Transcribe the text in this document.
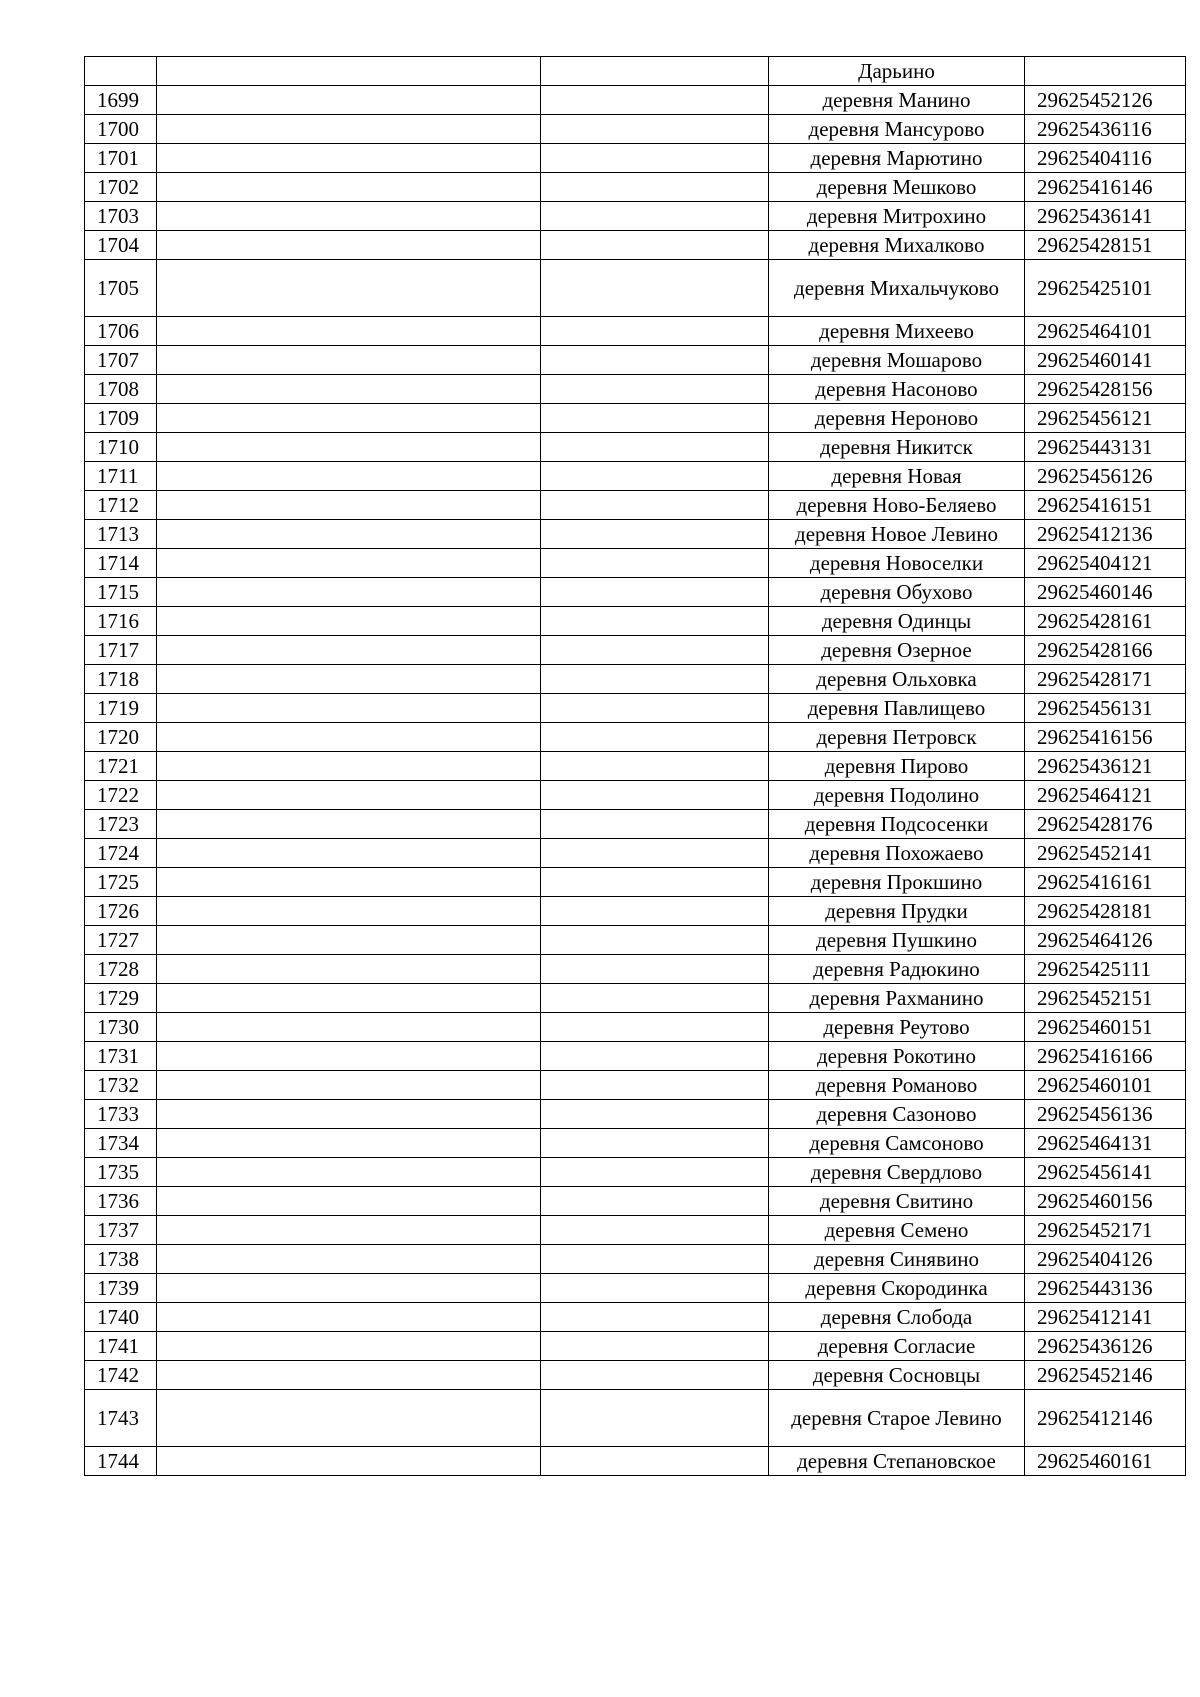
			Дарьино	
1699			деревня Манино	29625452126
1700			деревня Мансурово	29625436116
1701			деревня Марютино	29625404116
1702			деревня Мешково	29625416146
1703			деревня Митрохино	29625436141
1704			деревня Михалково	29625428151
1705			деревня Михальчуково	29625425101
1706			деревня Михеево	29625464101
1707			деревня Мошарово	29625460141
1708			деревня Насоново	29625428156
1709			деревня Нероново	29625456121
1710			деревня Никитск	29625443131
1711			деревня Новая	29625456126
1712			деревня Ново-Беляево	29625416151
1713			деревня Новое Левино	29625412136
1714			деревня Новоселки	29625404121
1715			деревня Обухово	29625460146
1716			деревня Одинцы	29625428161
1717			деревня Озерное	29625428166
1718			деревня Ольховка	29625428171
1719			деревня Павлищево	29625456131
1720			деревня Петровск	29625416156
1721			деревня Пирово	29625436121
1722			деревня Подолино	29625464121
1723			деревня Подсосенки	29625428176
1724			деревня Похожаево	29625452141
1725			деревня Прокшино	29625416161
1726			деревня Прудки	29625428181
1727			деревня Пушкино	29625464126
1728			деревня Радюкино	29625425111
1729			деревня Рахманино	29625452151
1730			деревня Реутово	29625460151
1731			деревня Рокотино	29625416166
1732			деревня Романово	29625460101
1733			деревня Сазоново	29625456136
1734			деревня Самсоново	29625464131
1735			деревня Свердлово	29625456141
1736			деревня Свитино	29625460156
1737			деревня Семено	29625452171
1738			деревня Синявино	29625404126
1739			деревня Скородинка	29625443136
1740			деревня Слобода	29625412141
1741			деревня Согласие	29625436126
1742			деревня Сосновцы	29625452146
1743			деревня Старое Левино	29625412146
1744			деревня Степановское	29625460161
